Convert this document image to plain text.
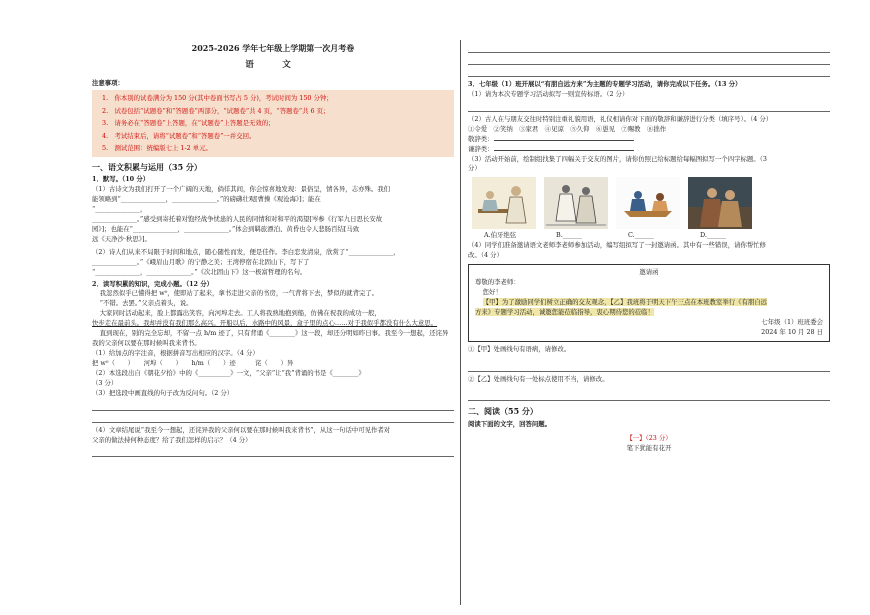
2025-2026 学年七年级上学期第一次月考卷
语　文
注意事项：
1.　你本别的试卷满分为 150 分(其中卷面书写占 5 分)，考试时间为 150 分钟；
2.　试卷包括“试题卷”和“答题卷”两部分，“试题卷”共 4 页，“答题卷”共 6 页；
3.　请务必在“答题卷”上答题，在“试题卷”上答题是无效的；
4.　考试结束后，请将“试题卷”和“答题卷”一并交回。
5.　测试范围：统编版七上 1-2 单元。
一、语文积累与运用（35 分）
1．默写。（10 分）

（1）古诗文为我们打开了一个广阔的天地，倘徉其间，你会惊喜地发现：景俗呈，情各异，志亦殊。我们

能领略到“______________，______________。”的磅礴壮观[曹操《观沧海》]；能在

“______________，

______________。”感受到寄托着对饱经战争忧患的人民的同情和对和平的渴望[岑参《行军九日思长安故

园》]；也能在“______________，______________。”体会到羁旅漂泊、黄昏也令人悲肠百结[马致

远《天净沙·秋思》]。

（2）诗人们从来不局限于时间和地点，随心随性而发，便是佳作。李白恋发清泉，欣赏了“______________，

______________。”《峨眉山月歌》的宁静之美；王湾停宿在北固山下，写下了

“______________，______________。”《次北固山下》这一极富哲理的名句。

2．读写积累的知识，完成小题。（12 分）

我忽然似乎已懂得把 w⁰，使即站了起来，拿书走进父亲的书房，一气背将下去，梦似的就背完了。

“不错。去罢。”父亲点着头，说。

大家同时活动起来，脸上都露出笑容，向河埠走去。工人将我熟地抱到船，仿佛在祝我的成功一般，

快步走在最前头。我却并没有我们那么高兴。开船以后，水路中的风景，盒子里的点心……对于我似乎都没有什么大意思。

直到现在，别的完全忘却，不留一点 h/m 迹了，只有背诵《________》这一段，却还分明如昨日事。我至今一想起，还诧异我的父亲何以要在那时候叫我来背书。

（1）给加点的字注音，根据拼音写出相应的汉字。（4 分）

把 w⁰（　　）　　河埠（　　）　　h/m（　　）迹　　　诧（　　）异

（2）本选段出自《朝花夕拾》中的《__________》一文，“父亲”让“我”背诵的书是《________》

（3 分）

（3）把选段中画直线的句子改为反问句。（2 分）

（4）文章结尾说“我至今一想起，还诧异我的父亲何以要在那时候叫我来背书”，从这一句话中可见作者对

父亲的做法持何种态度？给了我们怎样的启示？（4 分）

3．七年级（1）班开展以“有朋自远方来”为主题的专题学习活动，请你完成以下任务。（13 分）

（1）请为本次专题学习活动拟写一则宣传标语。（2 分）

（2）古人在与朋友交往时特别注重礼貌用语，礼仪相请你对下面的敬辞和谦辞进行分类（填序号）。（4 分）

①令爱　②笑纳　③家君　④见谅　⑤久仰　⑥愚见　⑦赐教　⑧拙作

敬辞类：

谦辞类：

（3）活动开始前，绘制组找集了四幅关于交友的图片，请你仿照已给标题给每幅图拟写一个四字标题。（3

分）

A.伯牙绝弦	B.______	C.______	D.______

（4）同学们准备邀请语文老师李老师参加活动，编写组拟写了一封邀请函。其中有一些错误，请你帮忙修

改。（4 分）

邀请函

尊敬的李老师：

您好！

【甲】为了激励同学们树立正确的交友观念，【乙】我班将于明天下午三点在本班教室举行《有朋自远

方来》专题学习活动，诚邀您能莅临指导，衷心期待您的莅临！

七年级（1）班班委会

2024 年 10 月 28 日

①【甲】处画线句有语病，请修改。

②【乙】处画线句有一处标点使用不当，请修改。

二、阅读（55 分）

阅读下面的文字，回答问题。

【一】（23 分）

笔下犹能有花开
